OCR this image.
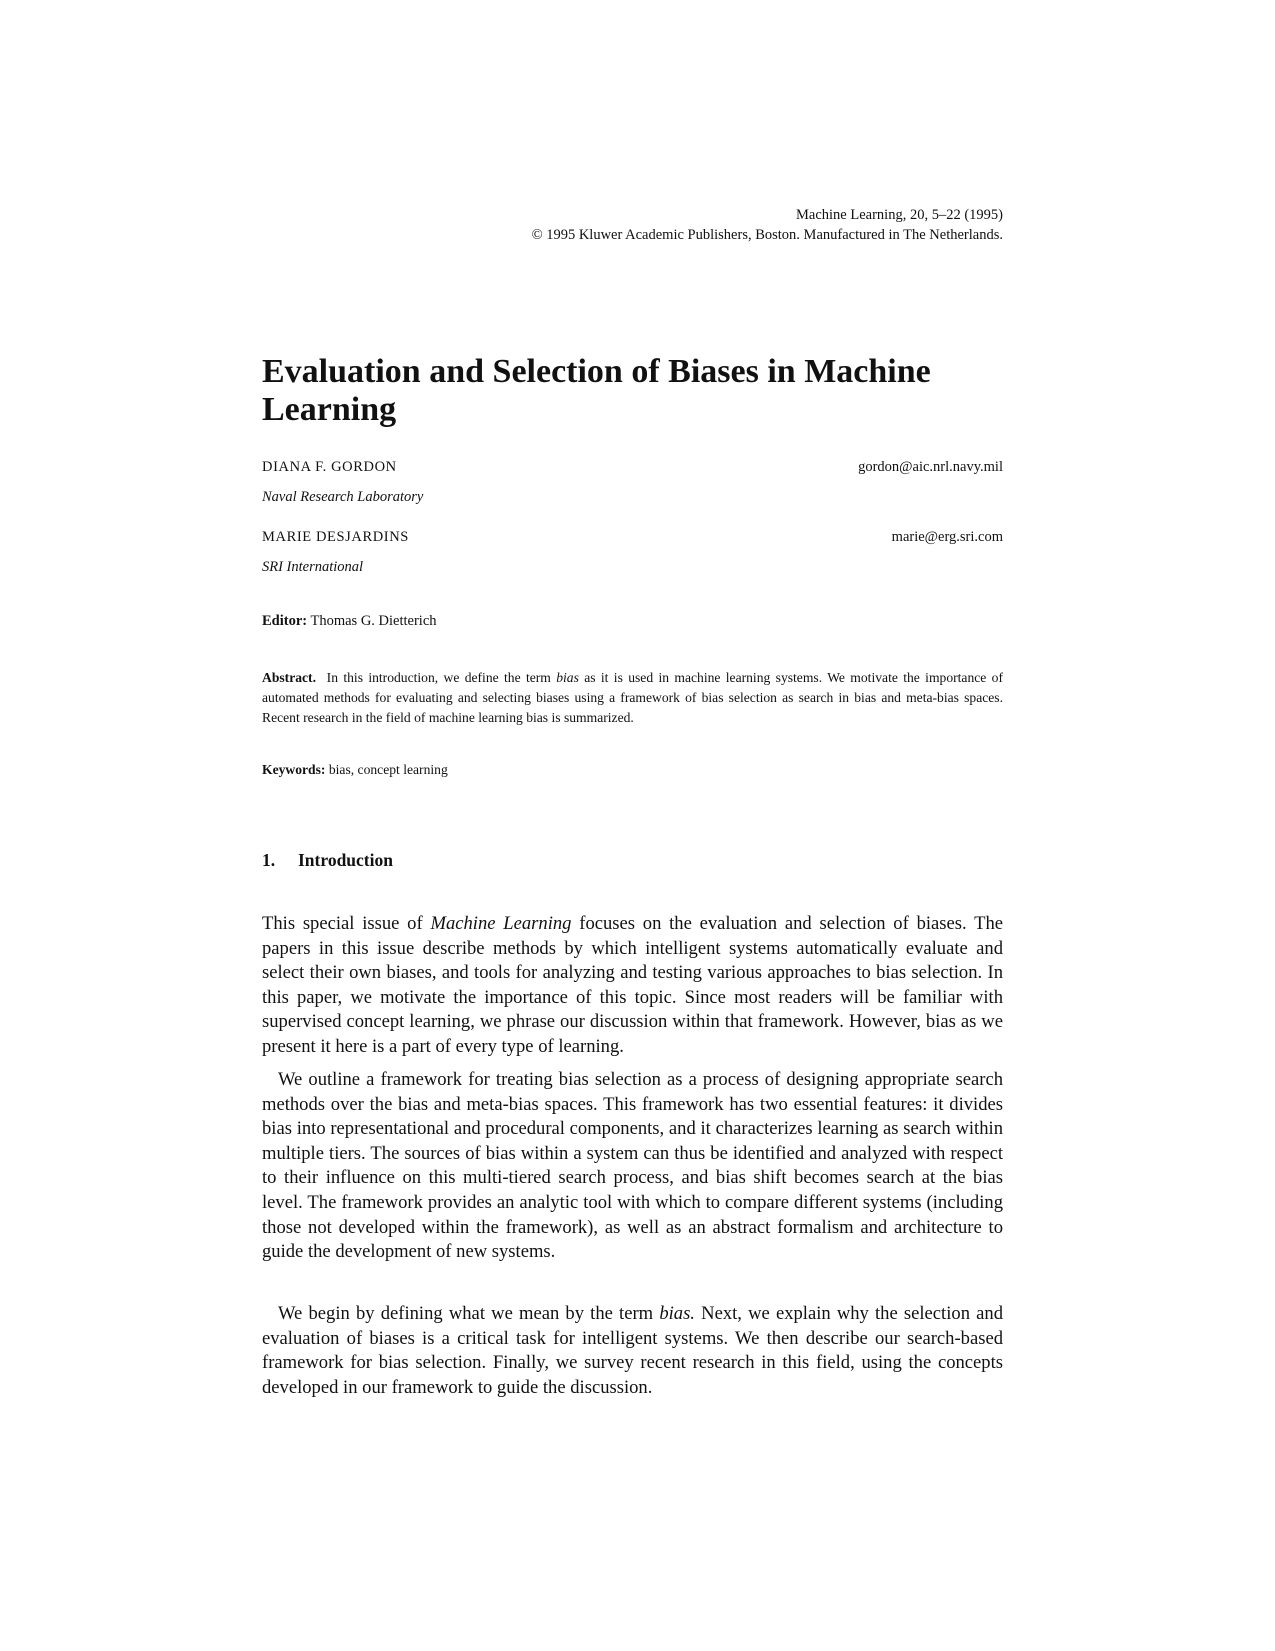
Machine Learning, 20, 5–22 (1995)
© 1995 Kluwer Academic Publishers, Boston. Manufactured in The Netherlands.
Evaluation and Selection of Biases in Machine Learning
DIANA F. GORDON	gordon@aic.nrl.navy.mil
Naval Research Laboratory
MARIE DESJARDINS	marie@erg.sri.com
SRI International
Editor: Thomas G. Dietterich

Abstract. In this introduction, we define the term bias as it is used in machine learning systems. We motivate the importance of automated methods for evaluating and selecting biases using a framework of bias selection as search in bias and meta-bias spaces. Recent research in the field of machine learning bias is summarized.

Keywords: bias, concept learning
1. Introduction

This special issue of Machine Learning focuses on the evaluation and selection of biases. The papers in this issue describe methods by which intelligent systems automatically evaluate and select their own biases, and tools for analyzing and testing various approaches to bias selection. In this paper, we motivate the importance of this topic. Since most readers will be familiar with supervised concept learning, we phrase our discussion within that framework. However, bias as we present it here is a part of every type of learning.

We outline a framework for treating bias selection as a process of designing appropriate search methods over the bias and meta-bias spaces. This framework has two essential features: it divides bias into representational and procedural components, and it characterizes learning as search within multiple tiers. The sources of bias within a system can thus be identified and analyzed with respect to their influence on this multi-tiered search process, and bias shift becomes search at the bias level. The framework provides an analytic tool with which to compare different systems (including those not developed within the framework), as well as an abstract formalism and architecture to guide the development of new systems.

We begin by defining what we mean by the term bias. Next, we explain why the selection and evaluation of biases is a critical task for intelligent systems. We then describe our search-based framework for bias selection. Finally, we survey recent research in this field, using the concepts developed in our framework to guide the discussion.
